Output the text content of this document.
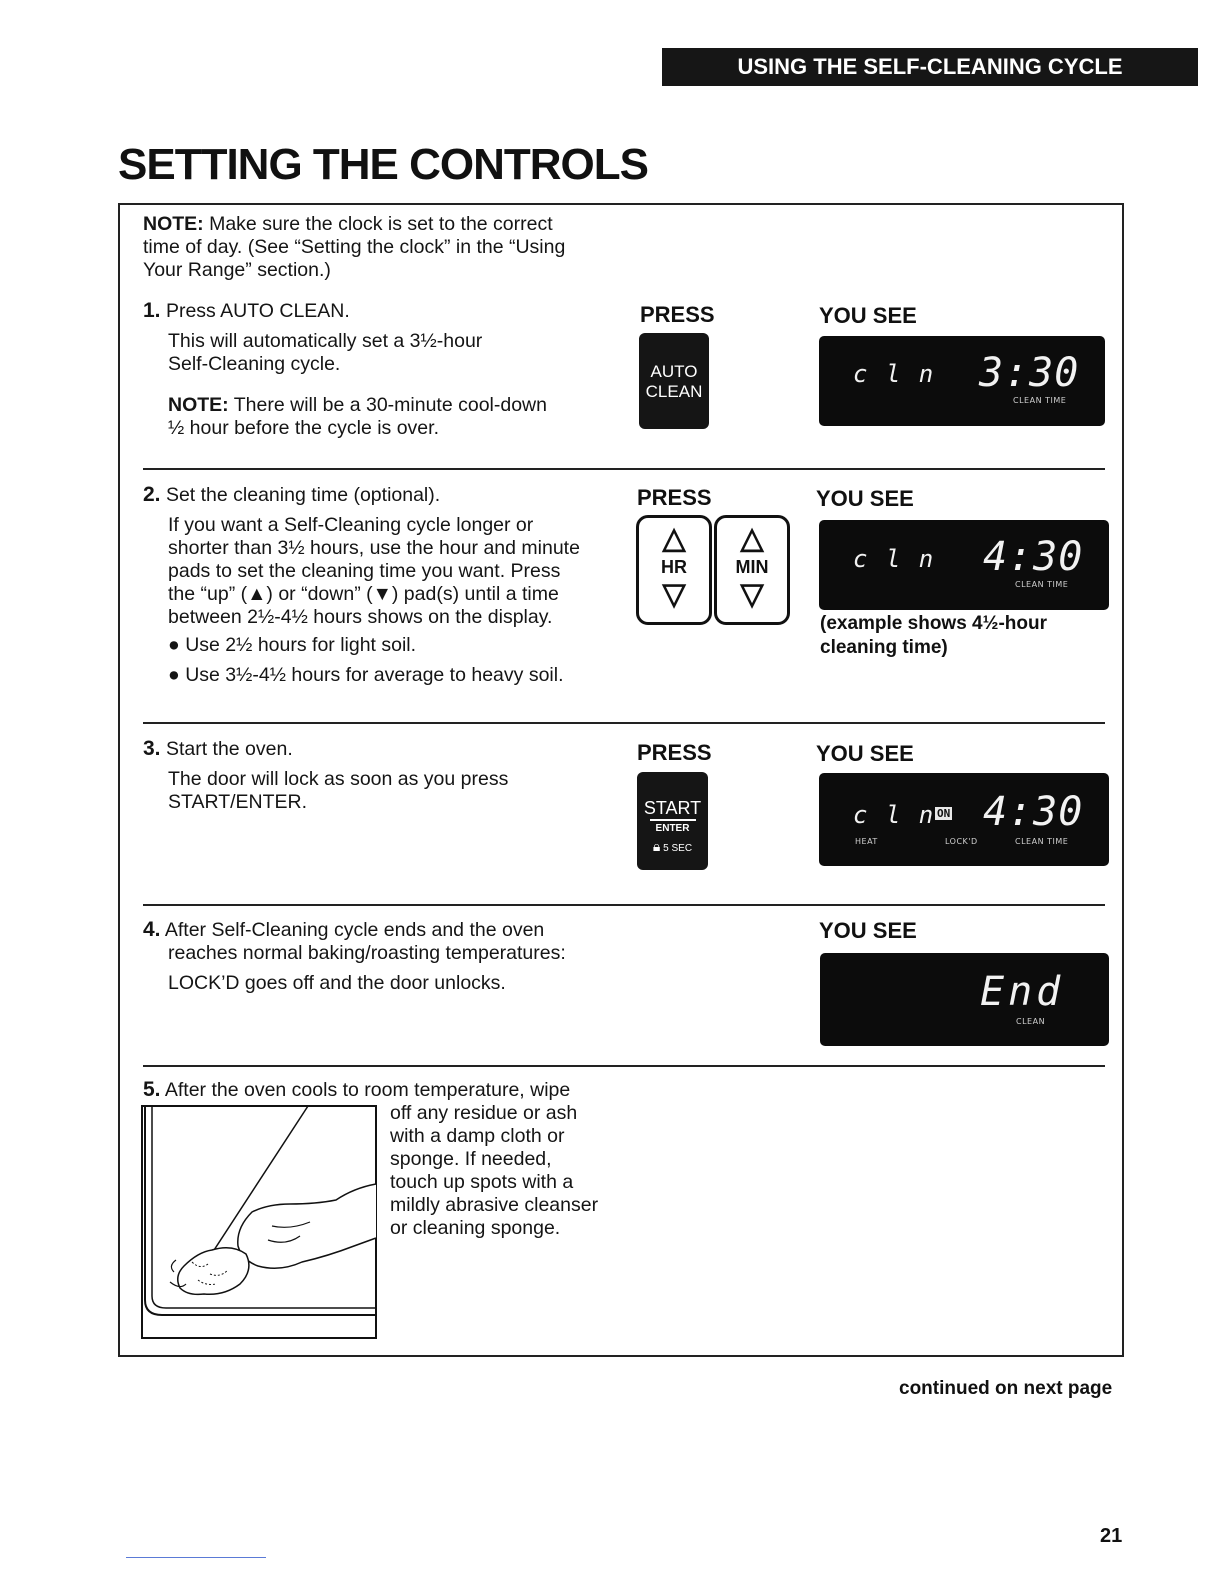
USING THE SELF-CLEANING CYCLE
SETTING THE CONTROLS
NOTE: Make sure the clock is set to the correct
time of day. (See “Setting the clock” in the “Using
Your Range” section.)
1. Press AUTO CLEAN.
This will automatically set a 3½-hour
Self-Cleaning cycle.
NOTE: There will be a 30-minute cool-down
½ hour before the cycle is over.
PRESS	YOU SEE
AUTO
CLEAN
c l n 3:30
CLEAN TIME
2. Set the cleaning time (optional).
If you want a Self-Cleaning cycle longer or
shorter than 3½ hours, use the hour and minute
pads to set the cleaning time you want. Press
the “up” (▲) or “down” (▼) pad(s) until a time
between 2½-4½ hours shows on the display.
● Use 2½ hours for light soil.
● Use 3½-4½ hours for average to heavy soil.
PRESS	YOU SEE
△
HR
▽
△
MIN
▽
c l n 4:30
CLEAN TIME
(example shows 4½-hour
cleaning time)
3. Start the oven.
The door will lock as soon as you press
START/ENTER.
PRESS	YOU SEE
START
ENTER
🔒︎ 5 SEC
c l n ON 4:30
HEAT	LOCK'D	CLEAN TIME
4. After Self-Cleaning cycle ends and the oven
reaches normal baking/roasting temperatures:
LOCK’D goes off and the door unlocks.
YOU SEE
End
CLEAN
5. After the oven cools to room temperature, wipe
off any residue or ash
with a damp cloth or
sponge. If needed,
touch up spots with a
mildly abrasive cleanser
or cleaning sponge.
continued on next page
21
